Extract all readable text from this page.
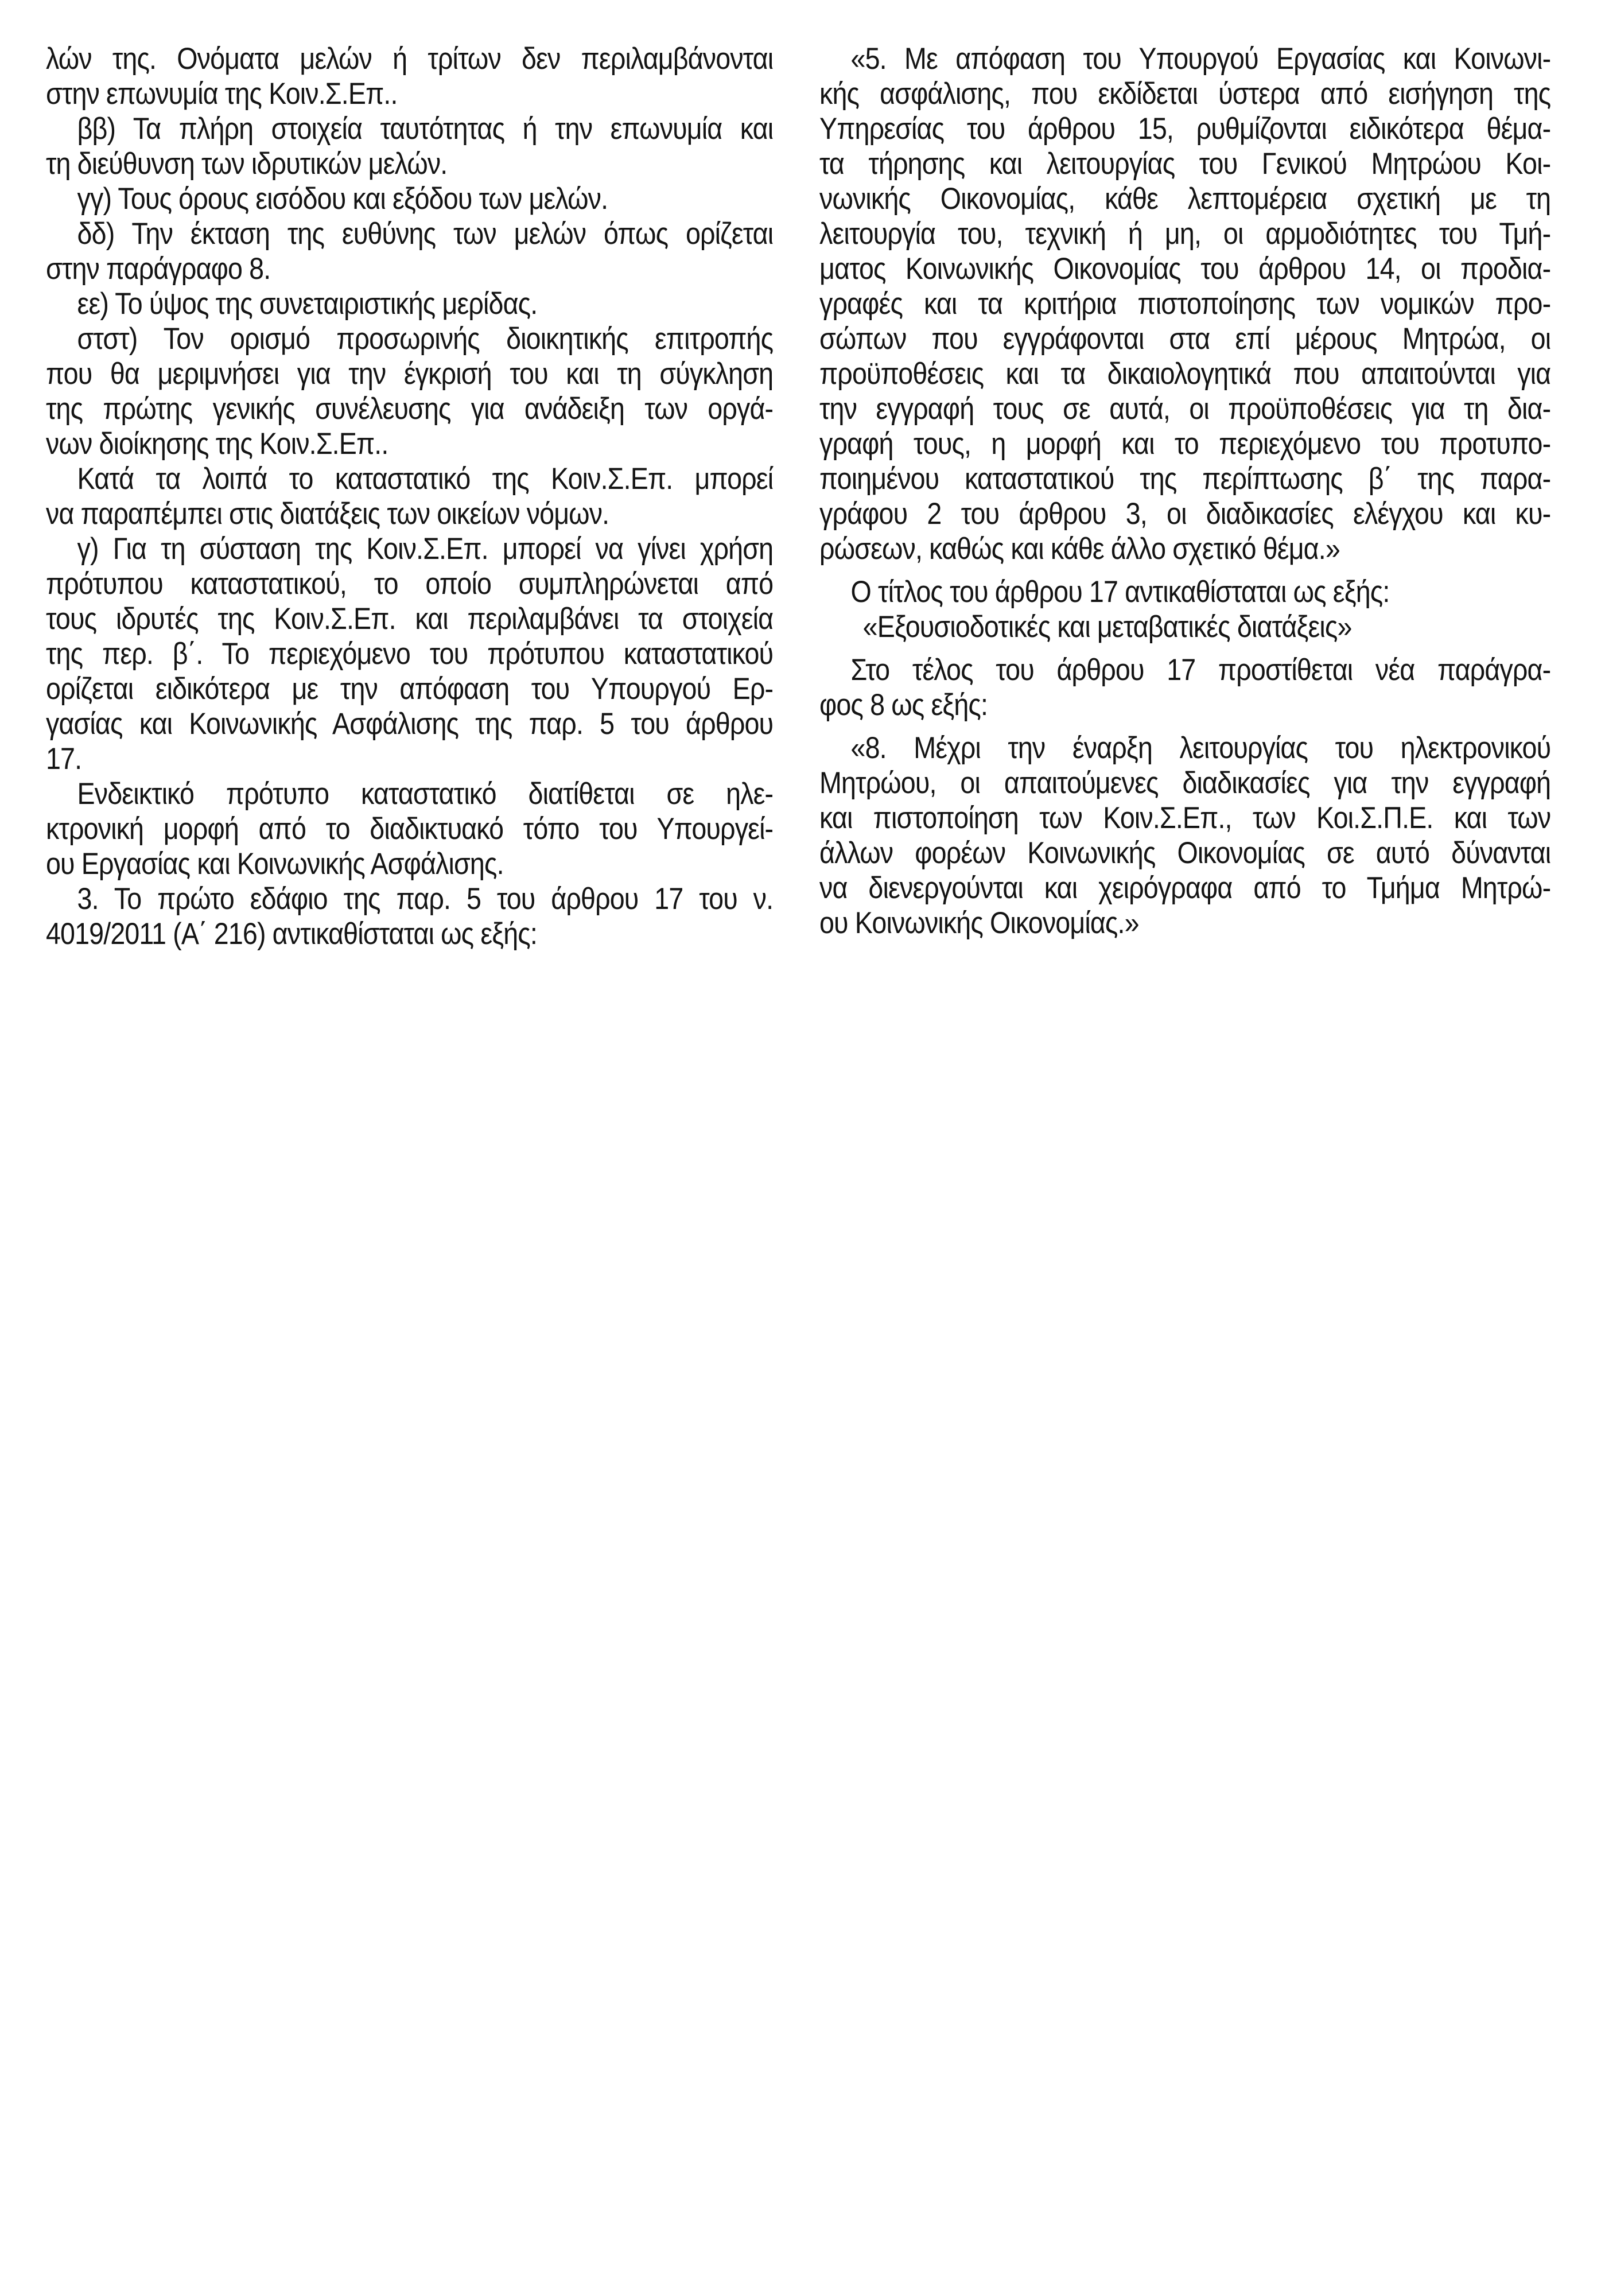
λών της. Ονόματα μελών ή τρίτων δεν περιλαμβάνονται
στην επωνυμία της Κοιν.Σ.Επ..
ββ) Τα πλήρη στοιχεία ταυτότητας ή την επωνυμία και
τη διεύθυνση των ιδρυτικών μελών.
γγ) Τους όρους εισόδου και εξόδου των μελών.
δδ) Την έκταση της ευθύνης των μελών όπως ορίζεται
στην παράγραφο 8.
εε) Το ύψος της συνεταιριστικής μερίδας.
στστ) Τον ορισμό προσωρινής διοικητικής επιτροπής
που θα μεριμνήσει για την έγκρισή του και τη σύγκληση
της πρώτης γενικής συνέλευσης για ανάδειξη των οργά-
νων διοίκησης της Κοιν.Σ.Επ..
Κατά τα λοιπά το καταστατικό της Κοιν.Σ.Επ. μπορεί
να παραπέμπει στις διατάξεις των οικείων νόμων.
γ) Για τη σύσταση της Κοιν.Σ.Επ. μπορεί να γίνει χρήση
πρότυπου καταστατικού, το οποίο συμπληρώνεται από
τους ιδρυτές της Κοιν.Σ.Επ. και περιλαμβάνει τα στοιχεία
της περ. β΄. Το περιεχόμενο του πρότυπου καταστατικού
ορίζεται ειδικότερα με την απόφαση του Υπουργού Ερ-
γασίας και Κοινωνικής Ασφάλισης της παρ. 5 του άρθρου
17.
Ενδεικτικό πρότυπο καταστατικό διατίθεται σε ηλε-
κτρονική μορφή από το διαδικτυακό τόπο του Υπουργεί-
ου Εργασίας και Κοινωνικής Ασφάλισης.
3. Το πρώτο εδάφιο της παρ. 5 του άρθρου 17 του ν.
4019/2011 (Α΄ 216) αντικαθίσταται ως εξής:
«5. Με απόφαση του Υπουργού Εργασίας και Κοινωνι-
κής ασφάλισης, που εκδίδεται ύστερα από εισήγηση της
Υπηρεσίας του άρθρου 15, ρυθμίζονται ειδικότερα θέμα-
τα τήρησης και λειτουργίας του Γενικού Μητρώου Κοι-
νωνικής Οικονομίας, κάθε λεπτομέρεια σχετική με τη
λειτουργία του, τεχνική ή μη, οι αρμοδιότητες του Τμή-
ματος Κοινωνικής Οικονομίας του άρθρου 14, οι προδια-
γραφές και τα κριτήρια πιστοποίησης των νομικών προ-
σώπων που εγγράφονται στα επί μέρους Μητρώα, οι
προϋποθέσεις και τα δικαιολογητικά που απαιτούνται για
την εγγραφή τους σε αυτά, οι προϋποθέσεις για τη δια-
γραφή τους, η μορφή και το περιεχόμενο του προτυπο-
ποιημένου καταστατικού της περίπτωσης β΄ της παρα-
γράφου 2 του άρθρου 3, οι διαδικασίες ελέγχου και κυ-
ρώσεων, καθώς και κάθε άλλο σχετικό θέμα.»
Ο τίτλος του άρθρου 17 αντικαθίσταται ως εξής:
«Εξουσιοδοτικές και μεταβατικές διατάξεις»
Στο τέλος του άρθρου 17 προστίθεται νέα παράγρα-
φος 8 ως εξής:
«8. Μέχρι την έναρξη λειτουργίας του ηλεκτρονικού
Μητρώου, οι απαιτούμενες διαδικασίες για την εγγραφή
και πιστοποίηση των Κοιν.Σ.Επ., των Κοι.Σ.Π.Ε. και των
άλλων φορέων Κοινωνικής Οικονομίας σε αυτό δύνανται
να διενεργούνται και χειρόγραφα από το Τμήμα Μητρώ-
ου Κοινωνικής Οικονομίας.»
